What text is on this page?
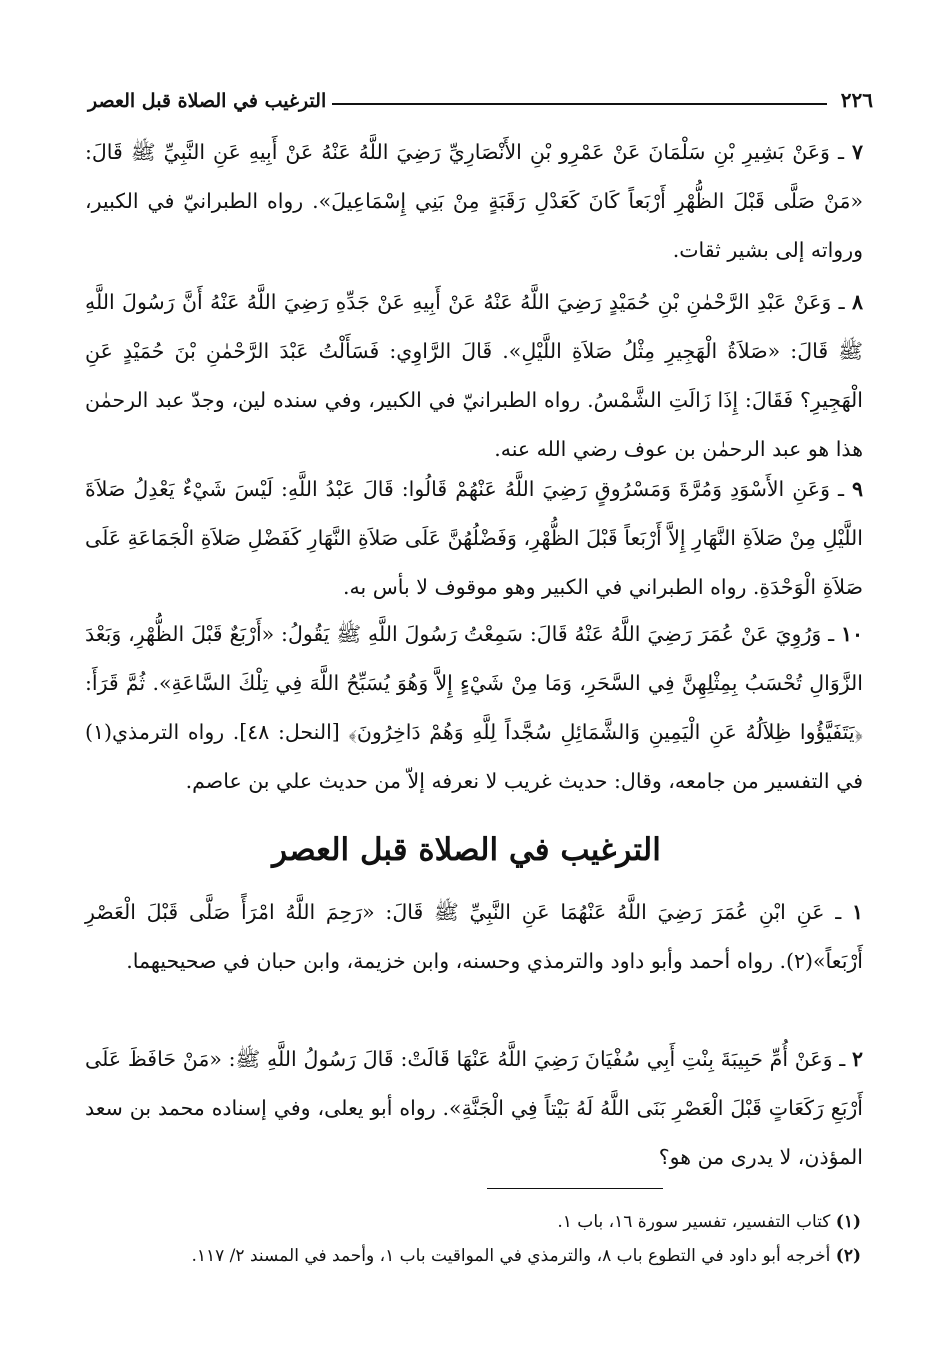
٢٢٦
الترغيب في الصلاة قبل العصر

٧ ـ وَعَنْ بَشِيرِ بْنِ سَلْمَانَ عَنْ عَمْرِو بْنِ الأَنْصَارِيِّ رَضِيَ اللَّهُ عَنْهُ عَنْ أَبِيهِ عَنِ النَّبِيِّ ﷺ قَالَ: «مَنْ صَلَّى قَبْلَ الظُّهْرِ أَرْبَعاً كَانَ كَعَدْلِ رَقَبَةٍ مِنْ بَنِي إِسْمَاعِيلَ». رواه الطبرانيّ في الكبير، ورواته إلى بشير ثقات.

٨ ـ وَعَنْ عَبْدِ الرَّحْمٰنِ بْنِ حُمَيْدٍ رَضِيَ اللَّهُ عَنْهُ عَنْ أَبِيهِ عَنْ جَدِّهِ رَضِيَ اللَّهُ عَنْهُ أَنَّ رَسُولَ اللَّهِ ﷺ قَالَ: «صَلاَةُ الْهَجِيرِ مِثْلُ صَلاَةِ اللَّيْلِ». قَالَ الرَّاوِي: فَسَأَلْتُ عَبْدَ الرَّحْمٰنِ بْنَ حُمَيْدٍ عَنِ الْهَجِيرِ؟ فَقَالَ: إِذَا زَالَتِ الشَّمْسُ. رواه الطبرانيّ في الكبير، وفي سنده لين، وجدّ عبد الرحمٰن هذا هو عبد الرحمٰن بن عوف رضي الله عنه.

٩ ـ وَعَنِ الأَسْوَدِ وَمُرَّةَ وَمَسْرُوقٍ رَضِيَ اللَّهُ عَنْهُمْ قَالُوا: قَالَ عَبْدُ اللَّهِ: لَيْسَ شَيْءٌ يَعْدِلُ صَلاَةَ اللَّيْلِ مِنْ صَلاَةِ النَّهَارِ إِلاَّ أَرْبَعاً قَبْلَ الظُّهْرِ، وَفَضْلُهُنَّ عَلَى صَلاَةِ النَّهَارِ كَفَضْلِ صَلاَةِ الْجَمَاعَةِ عَلَى صَلاَةِ الْوَحْدَةِ. رواه الطبراني في الكبير وهو موقوف لا بأس به.

١٠ ـ وَرُوِيَ عَنْ عُمَرَ رَضِيَ اللَّهُ عَنْهُ قَالَ: سَمِعْتُ رَسُولَ اللَّهِ ﷺ يَقُولُ: «أَرْبَعٌ قَبْلَ الظُّهْرِ، وَبَعْدَ الزَّوَالِ تُحْسَبُ بِمِثْلِهِنَّ فِي السَّحَرِ، وَمَا مِنْ شَيْءٍ إِلاَّ وَهُوَ يُسَبِّحُ اللَّهَ فِي تِلْكَ السَّاعَةِ». ثُمَّ قَرَأَ: ﴿يَتَفَيَّؤُوا ظِلاَلُهُ عَنِ الْيَمِينِ وَالشَّمَائِلِ سُجَّداً لِلَّهِ وَهُمْ دَاخِرُونَ﴾ [النحل: ٤٨]. رواه الترمذي(١) في التفسير من جامعه، وقال: حديث غريب لا نعرفه إلاّ من حديث علي بن عاصم.

الترغيب في الصلاة قبل العصر

١ ـ عَنِ ابْنِ عُمَرَ رَضِيَ اللَّهُ عَنْهُمَا عَنِ النَّبِيِّ ﷺ قَالَ: «رَحِمَ اللَّهُ امْرَأً صَلَّى قَبْلَ الْعَصْرِ أَرْبَعاً»(٢). رواه أحمد وأبو داود والترمذي وحسنه، وابن خزيمة، وابن حبان في صحيحيهما.

٢ ـ وَعَنْ أُمِّ حَبِيبَةَ بِنْتِ أَبِي سُفْيَانَ رَضِيَ اللَّهُ عَنْهَا قَالَتْ: قَالَ رَسُولُ اللَّهِ ﷺ: «مَنْ حَافَظَ عَلَى أَرْبَعِ رَكَعَاتٍ قَبْلَ الْعَصْرِ بَنَى اللَّهُ لَهُ بَيْتاً فِي الْجَنَّةِ». رواه أبو يعلى، وفي إسناده محمد بن سعد المؤذن، لا يدرى من هو؟

(١) كتاب التفسير، تفسير سورة ١٦، باب ١.

(٢) أخرجه أبو داود في التطوع باب ٨، والترمذي في المواقيت باب ١، وأحمد في المسند ٢/ ١١٧.
